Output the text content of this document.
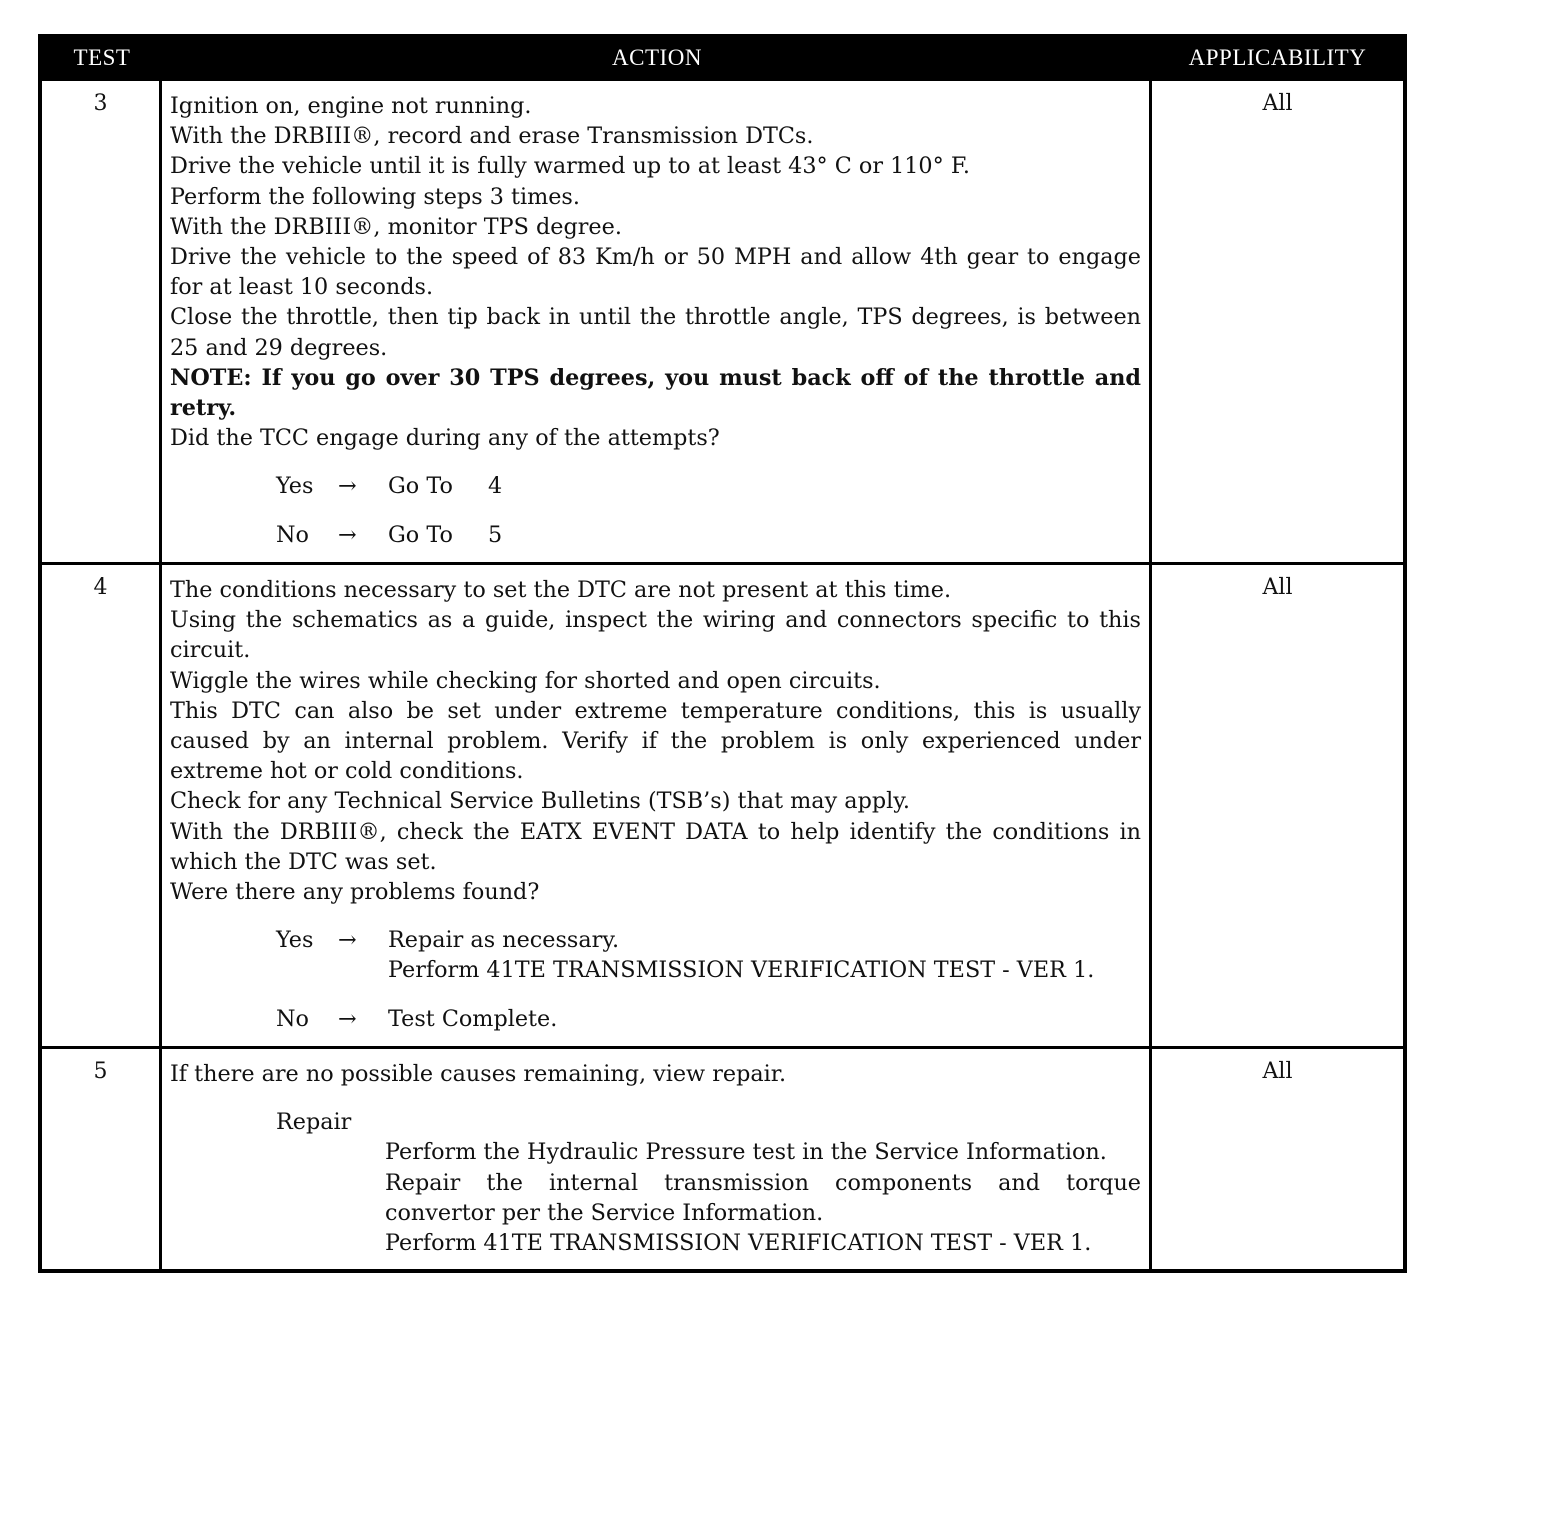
TEST	ACTION	APPLICABILITY
3	Ignition on, engine not running.
With the DRBIII®, record and erase Transmission DTCs.
Drive the vehicle until it is fully warmed up to at least 43° C or 110° F.
Perform the following steps 3 times.
With the DRBIII®, monitor TPS degree.
Drive the vehicle to the speed of 83 Km/h or 50 MPH and allow 4th gear to engage for at least 10 seconds.
Close the throttle, then tip back in until the throttle angle, TPS degrees, is between 25 and 29 degrees.
NOTE: If you go over 30 TPS degrees, you must back off of the throttle and retry.
Did the TCC engage during any of the attempts?
Yes	→	Go To 4
No	→	Go To 5
All
4	The conditions necessary to set the DTC are not present at this time.
Using the schematics as a guide, inspect the wiring and connectors specific to this circuit.
Wiggle the wires while checking for shorted and open circuits.
This DTC can also be set under extreme temperature conditions, this is usually caused by an internal problem. Verify if the problem is only experienced under extreme hot or cold conditions.
Check for any Technical Service Bulletins (TSB’s) that may apply.
With the DRBIII®, check the EATX EVENT DATA to help identify the conditions in which the DTC was set.
Were there any problems found?
Yes	→	Repair as necessary.
Perform 41TE TRANSMISSION VERIFICATION TEST - VER 1.
No	→	Test Complete.
All
5	If there are no possible causes remaining, view repair.
Repair
Perform the Hydraulic Pressure test in the Service Information.
Repair the internal transmission components and torque convertor per the Service Information.
Perform 41TE TRANSMISSION VERIFICATION TEST - VER 1.
All
